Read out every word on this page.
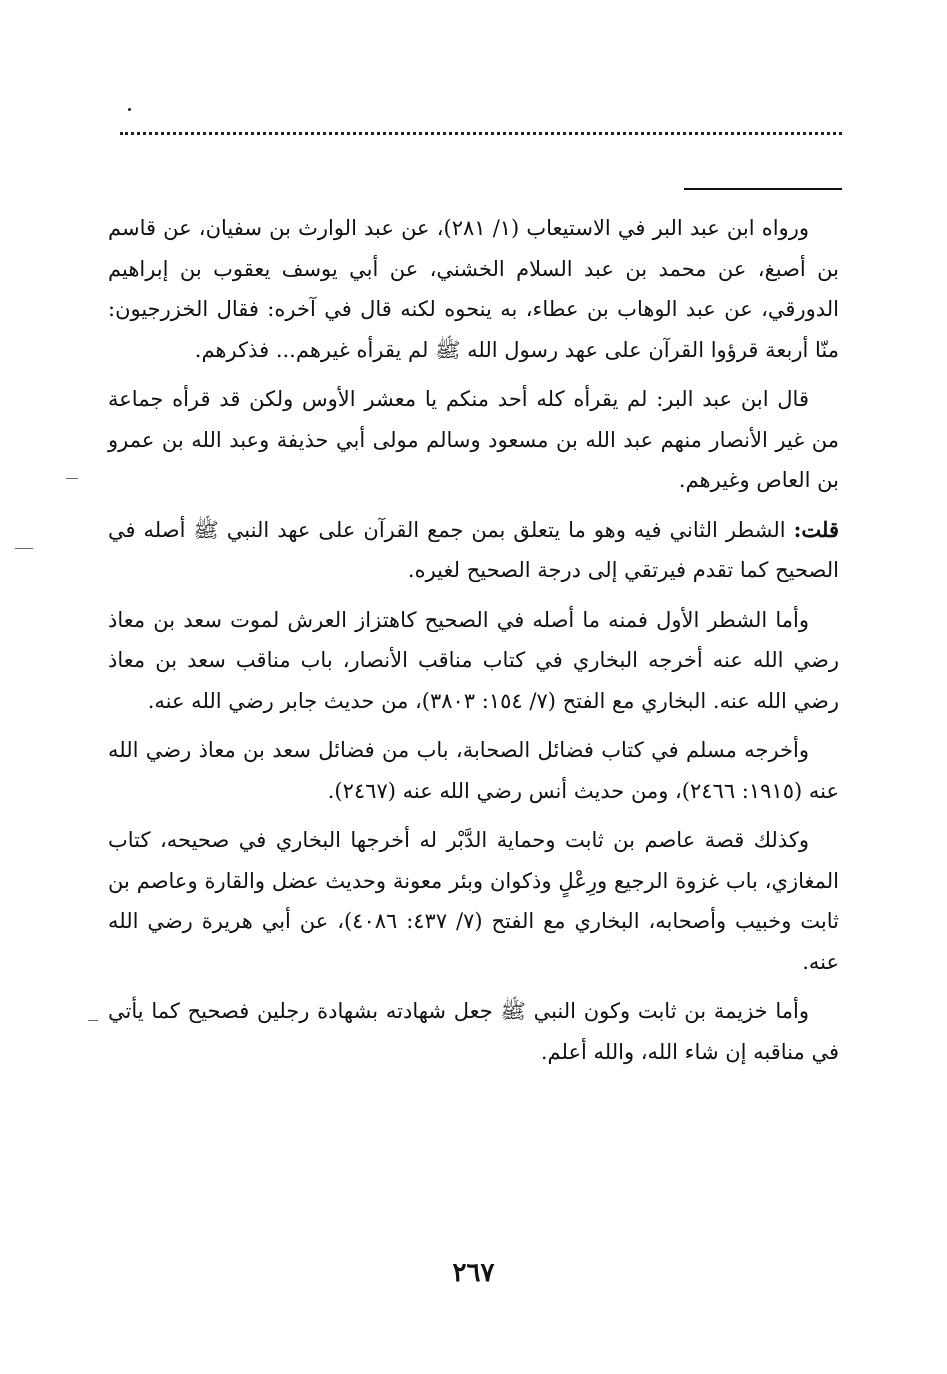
ورواه ابن عبد البر في الاستيعاب (١/ ٢٨١)، عن عبد الوارث بن سفيان، عن قاسم بن أصبغ، عن محمد بن عبد السلام الخشني، عن أبي يوسف يعقوب بن إبراهيم الدورقي، عن عبد الوهاب بن عطاء، به ينحوه لكنه قال في آخره: فقال الخزرجيون: منّا أربعة قرؤوا القرآن على عهد رسول الله ﷺ لم يقرأه غيرهم... فذكرهم.

قال ابن عبد البر: لم يقرأه كله أحد منكم يا معشر الأوس ولكن قد قرأه جماعة من غير الأنصار منهم عبد الله بن مسعود وسالم مولى أبي حذيفة وعبد الله بن عمرو بن العاص وغيرهم.

قلت: الشطر الثاني فيه وهو ما يتعلق بمن جمع القرآن على عهد النبي ﷺ أصله في الصحيح كما تقدم فيرتقي إلى درجة الصحيح لغيره.

وأما الشطر الأول فمنه ما أصله في الصحيح كاهتزاز العرش لموت سعد بن معاذ رضي الله عنه أخرجه البخاري في كتاب مناقب الأنصار، باب مناقب سعد بن معاذ رضي الله عنه. البخاري مع الفتح (٧/ ١٥٤: ٣٨٠٣)، من حديث جابر رضي الله عنه.

وأخرجه مسلم في كتاب فضائل الصحابة، باب من فضائل سعد بن معاذ رضي الله عنه (١٩١٥: ٢٤٦٦)، ومن حديث أنس رضي الله عنه (٢٤٦٧).

وكذلك قصة عاصم بن ثابت وحماية الدَّبْر له أخرجها البخاري في صحيحه، كتاب المغازي، باب غزوة الرجيع ورِعْلٍ وذكوان وبئر معونة وحديث عضل والقارة وعاصم بن ثابت وخبيب وأصحابه، البخاري مع الفتح (٧/ ٤٣٧: ٤٠٨٦)، عن أبي هريرة رضي الله عنه.

وأما خزيمة بن ثابت وكون النبي ﷺ جعل شهادته بشهادة رجلين فصحيح كما يأتي في مناقبه إن شاء الله، والله أعلم.

٢٦٧
